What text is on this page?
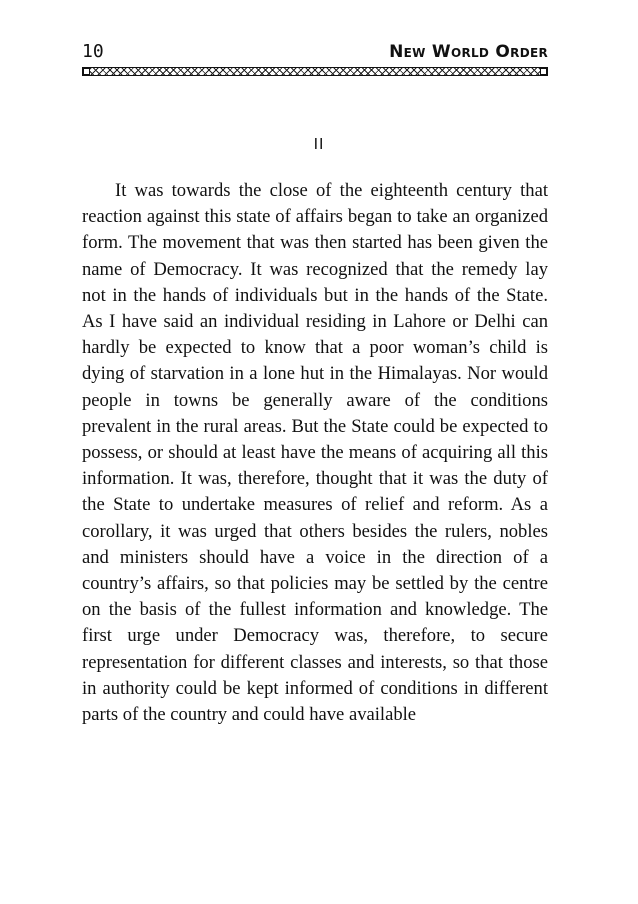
10	New World Order
II

It was towards the close of the eighteenth century that reaction against this state of affairs began to take an organized form. The movement that was then started has been given the name of Democracy. It was recognized that the remedy lay not in the hands of individuals but in the hands of the State. As I have said an individual residing in Lahore or Delhi can hardly be expected to know that a poor woman’s child is dying of starvation in a lone hut in the Himalayas. Nor would people in towns be generally aware of the conditions prevalent in the rural areas. But the State could be expected to possess, or should at least have the means of acquiring all this information. It was, therefore, thought that it was the duty of the State to undertake measures of relief and reform. As a corollary, it was urged that others besides the rulers, nobles and ministers should have a voice in the direction of a country’s affairs, so that policies may be settled by the centre on the basis of the fullest information and knowledge. The first urge under Democracy was, therefore, to secure representation for different classes and interests, so that those in authority could be kept informed of conditions in different parts of the country and could have available
